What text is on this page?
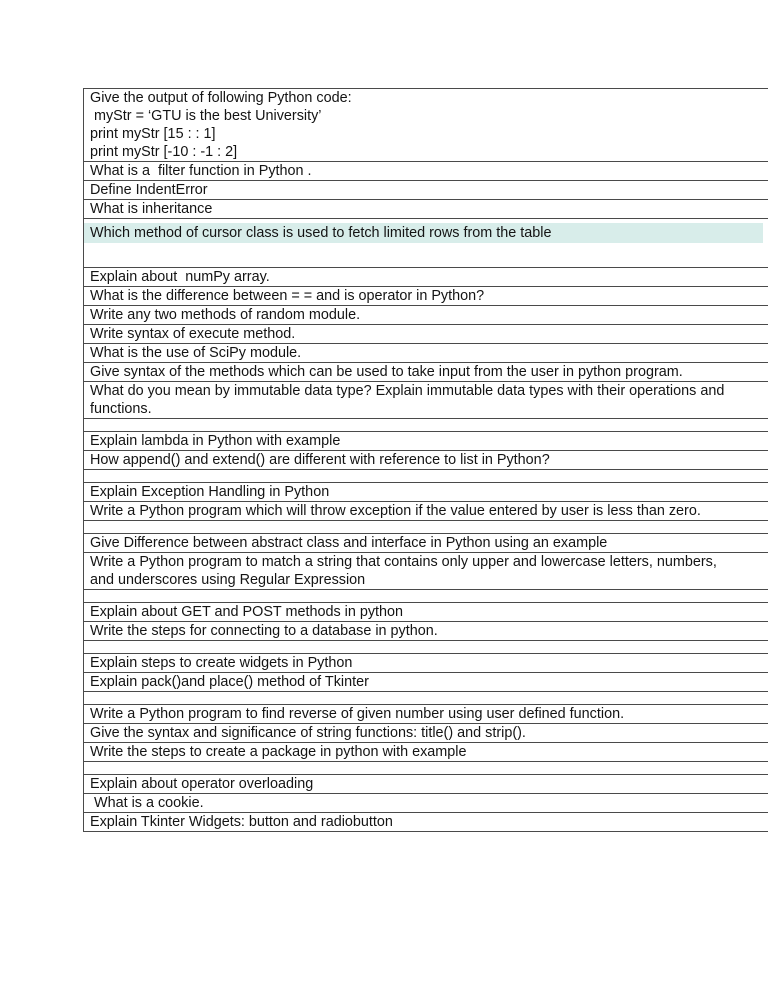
Give the output of following Python code:
myStr = ‘GTU is the best University’
print myStr [15 : : 1]
print myStr [-10 : -1 : 2]
What is a  filter function in Python .
Define IndentError
What is inheritance
Which method of cursor class is used to fetch limited rows from the table
Explain about  numPy array.
What is the difference between = = and is operator in Python?
Write any two methods of random module.
Write syntax of execute method.
What is the use of SciPy module.
Give syntax of the methods which can be used to take input from the user in python program.
What do you mean by immutable data type? Explain immutable data types with their operations and
functions.
Explain lambda in Python with example
How append() and extend() are different with reference to list in Python?
Explain Exception Handling in Python
Write a Python program which will throw exception if the value entered by user is less than zero.
Give Difference between abstract class and interface in Python using an example
Write a Python program to match a string that contains only upper and lowercase letters, numbers,
and underscores using Regular Expression
Explain about GET and POST methods in python
Write the steps for connecting to a database in python.
Explain steps to create widgets in Python
Explain pack()and place() method of Tkinter
Write a Python program to find reverse of given number using user defined function.
Give the syntax and significance of string functions: title() and strip().
Write the steps to create a package in python with example
Explain about operator overloading
What is a cookie.
Explain Tkinter Widgets: button and radiobutton
